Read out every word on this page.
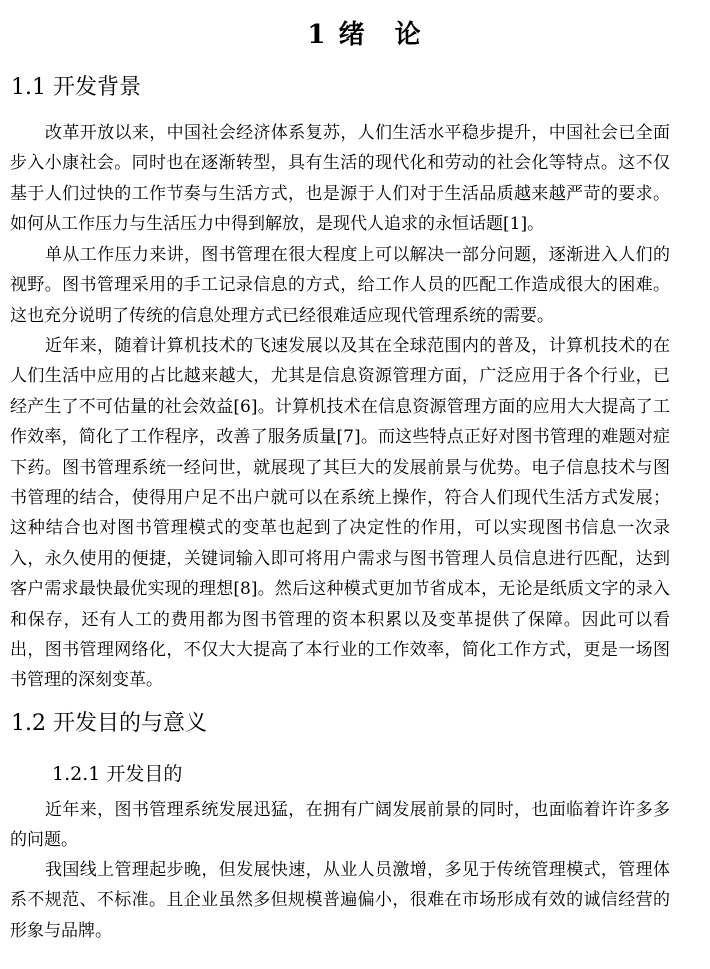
1 绪　论
1.1 开发背景

改革开放以来，中国社会经济体系复苏，人们生活水平稳步提升，中国社会已全面步入小康社会。同时也在逐渐转型，具有生活的现代化和劳动的社会化等特点。这不仅基于人们过快的工作节奏与生活方式，也是源于人们对于生活品质越来越严苛的要求。如何从工作压力与生活压力中得到解放，是现代人追求的永恒话题[1]。

单从工作压力来讲，图书管理在很大程度上可以解决一部分问题，逐渐进入人们的视野。图书管理采用的手工记录信息的方式，给工作人员的匹配工作造成很大的困难。这也充分说明了传统的信息处理方式已经很难适应现代管理系统的需要。

近年来，随着计算机技术的飞速发展以及其在全球范围内的普及，计算机技术的在人们生活中应用的占比越来越大，尤其是信息资源管理方面，广泛应用于各个行业，已经产生了不可估量的社会效益[6]。计算机技术在信息资源管理方面的应用大大提高了工作效率，简化了工作程序，改善了服务质量[7]。而这些特点正好对图书管理的难题对症下药。图书管理系统一经问世，就展现了其巨大的发展前景与优势。电子信息技术与图书管理的结合，使得用户足不出户就可以在系统上操作，符合人们现代生活方式发展；这种结合也对图书管理模式的变革也起到了决定性的作用，可以实现图书信息一次录入，永久使用的便捷，关键词输入即可将用户需求与图书管理人员信息进行匹配，达到客户需求最快最优实现的理想[8]。然后这种模式更加节省成本，无论是纸质文字的录入和保存，还有人工的费用都为图书管理的资本积累以及变革提供了保障。因此可以看出，图书管理网络化，不仅大大提高了本行业的工作效率，简化工作方式，更是一场图书管理的深刻变革。

1.2 开发目的与意义
1.2.1 开发目的

近年来，图书管理系统发展迅猛，在拥有广阔发展前景的同时，也面临着许许多多的问题。

我国线上管理起步晚，但发展快速，从业人员激增，多见于传统管理模式，管理体系不规范、不标准。且企业虽然多但规模普遍偏小，很难在市场形成有效的诚信经营的形象与品牌。
